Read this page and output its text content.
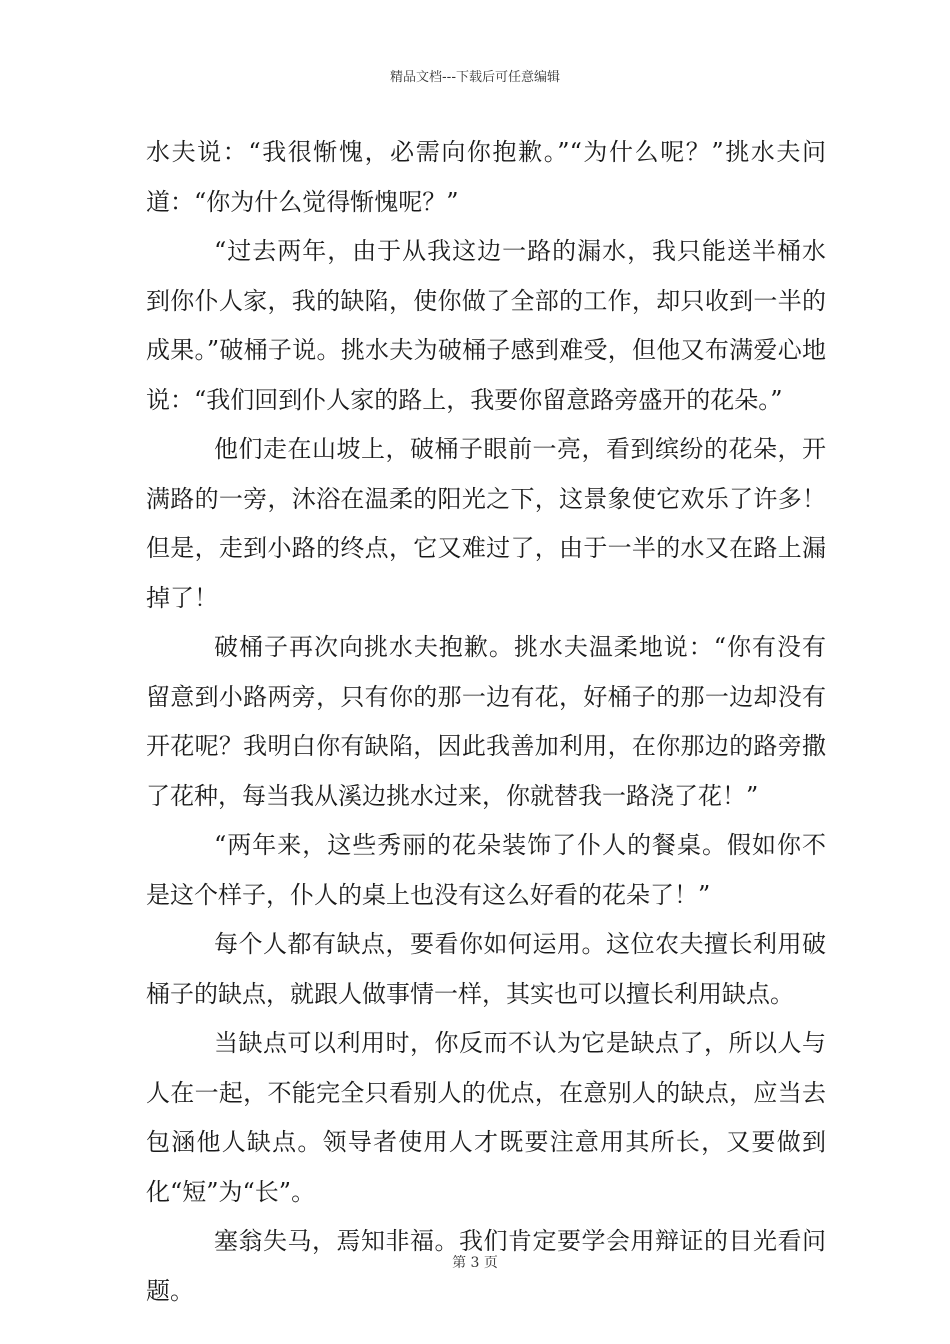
精品文档---下载后可任意编辑

水夫说：“我很惭愧，必需向你抱歉。”“为什么呢？”挑水夫问道：“你为什么觉得惭愧呢？”

“过去两年，由于从我这边一路的漏水，我只能送半桶水到你仆人家，我的缺陷，使你做了全部的工作，却只收到一半的成果。”破桶子说。挑水夫为破桶子感到难受，但他又布满爱心地说：“我们回到仆人家的路上，我要你留意路旁盛开的花朵。”

他们走在山坡上，破桶子眼前一亮，看到缤纷的花朵，开满路的一旁，沐浴在温柔的阳光之下，这景象使它欢乐了许多！但是，走到小路的终点，它又难过了，由于一半的水又在路上漏掉了！

破桶子再次向挑水夫抱歉。挑水夫温柔地说：“你有没有留意到小路两旁，只有你的那一边有花，好桶子的那一边却没有开花呢？我明白你有缺陷，因此我善加利用，在你那边的路旁撒了花种，每当我从溪边挑水过来，你就替我一路浇了花！”

“两年来，这些秀丽的花朵装饰了仆人的餐桌。假如你不是这个样子，仆人的桌上也没有这么好看的花朵了！”

每个人都有缺点，要看你如何运用。这位农夫擅长利用破桶子的缺点，就跟人做事情一样，其实也可以擅长利用缺点。

当缺点可以利用时，你反而不认为它是缺点了，所以人与人在一起，不能完全只看别人的优点，在意别人的缺点，应当去包涵他人缺点。领导者使用人才既要注意用其所长，又要做到化“短”为“长”。

塞翁失马，焉知非福。我们肯定要学会用辩证的目光看问题。

第 3 页
